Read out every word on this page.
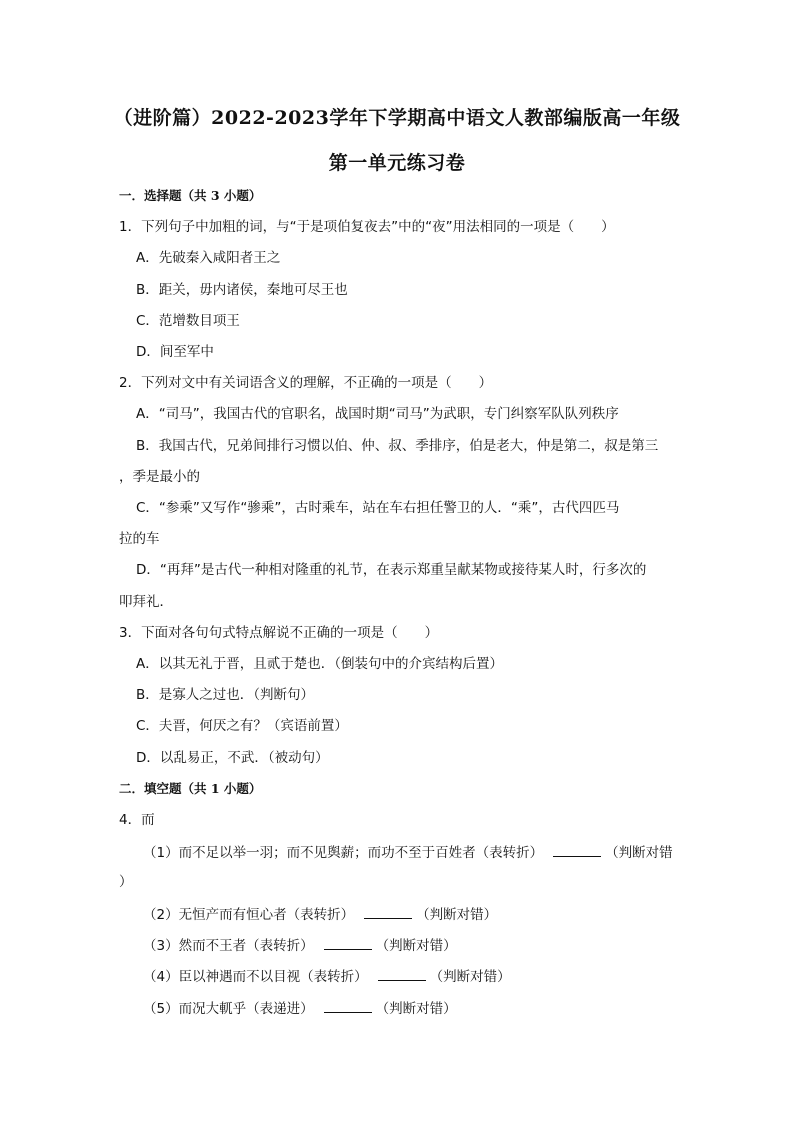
（进阶篇）2022-2023学年下学期高中语文人教部编版高一年级
第一单元练习卷
一．选择题（共 3 小题）
1．下列句子中加粗的词，与“于是项伯复夜去”中的“夜”用法相同的一项是（　　）
A．先破秦入咸阳者王之
B．距关，毋内诸侯，秦地可尽王也
C．范增数目项王
D．间至军中
2．下列对文中有关词语含义的理解，不正确的一项是（　　）
A．“司马”，我国古代的官职名，战国时期“司马”为武职，专门纠察军队队列秩序
B．我国古代，兄弟间排行习惯以伯、仲、叔、季排序，伯是老大，仲是第二，叔是第三
，季是最小的
C．“参乘”又写作“骖乘”，古时乘车，站在车右担任警卫的人．“乘”，古代四匹马
拉的车
D．“再拜”是古代一种相对隆重的礼节，在表示郑重呈献某物或接待某人时，行多次的
叩拜礼．
3．下面对各句句式特点解说不正确的一项是（　　）
A．以其无礼于晋，且贰于楚也．（倒装句中的介宾结构后置）
B．是寡人之过也．（判断句）
C．夫晋，何厌之有？（宾语前置）
D．以乱易正，不武．（被动句）
二．填空题（共 1 小题）
4．而
（1）而不足以举一羽；而不见舆薪；而功不至于百姓者（表转折）	（判断对错
）
（2）无恒产而有恒心者（表转折）	（判断对错）
（3）然而不王者（表转折）	（判断对错）
（4）臣以神遇而不以目视（表转折）	（判断对错）
（5）而况大軏乎（表递进）	（判断对错）
